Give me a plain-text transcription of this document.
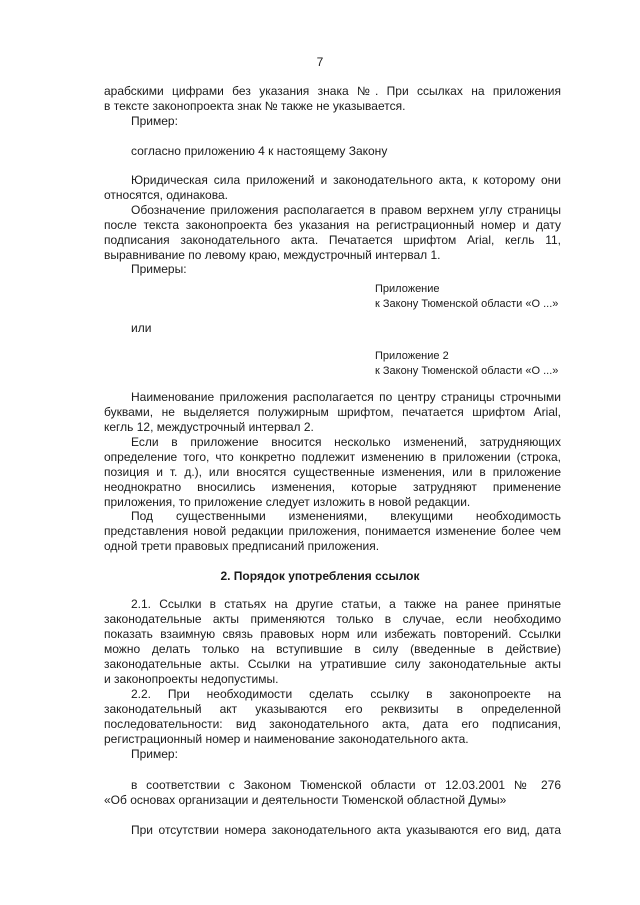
7
арабскими цифрами без указания знака №. При ссылках на приложения
в тексте законопроекта знак № также не указывается.
Пример:
согласно приложению 4 к настоящему Закону
Юридическая сила приложений и законодательного акта, к которому они
относятся, одинакова.
Обозначение приложения располагается в правом верхнем углу страницы
после текста законопроекта без указания на регистрационный номер и дату
подписания законодательного акта. Печатается шрифтом Arial, кегль 11,
выравнивание по левому краю, междустрочный интервал 1.
Примеры:
Приложение
к Закону Тюменской области «О ...»
или
Приложение 2
к Закону Тюменской области «О ...»
Наименование приложения располагается по центру страницы строчными
буквами, не выделяется полужирным шрифтом, печатается шрифтом Arial,
кегль 12, междустрочный интервал 2.
Если в приложение вносится несколько изменений, затрудняющих
определение того, что конкретно подлежит изменению в приложении (строка,
позиция и т. д.), или вносятся существенные изменения, или в приложение
неоднократно вносились изменения, которые затрудняют применение
приложения, то приложение следует изложить в новой редакции.
Под существенными изменениями, влекущими необходимость
представления новой редакции приложения, понимается изменение более чем
одной трети правовых предписаний приложения.
2. Порядок употребления ссылок
2.1. Ссылки в статьях на другие статьи, а также на ранее принятые
законодательные акты применяются только в случае, если необходимо
показать взаимную связь правовых норм или избежать повторений. Ссылки
можно делать только на вступившие в силу (введенные в действие)
законодательные акты. Ссылки на утратившие силу законодательные акты
и законопроекты недопустимы.
2.2. При необходимости сделать ссылку в законопроекте на
законодательный акт указываются его реквизиты в определенной
последовательности: вид законодательного акта, дата его подписания,
регистрационный номер и наименование законодательного акта.
Пример:
в соответствии с Законом Тюменской области от 12.03.2001 № 276
«Об основах организации и деятельности Тюменской областной Думы»
При отсутствии номера законодательного акта указываются его вид, дата
